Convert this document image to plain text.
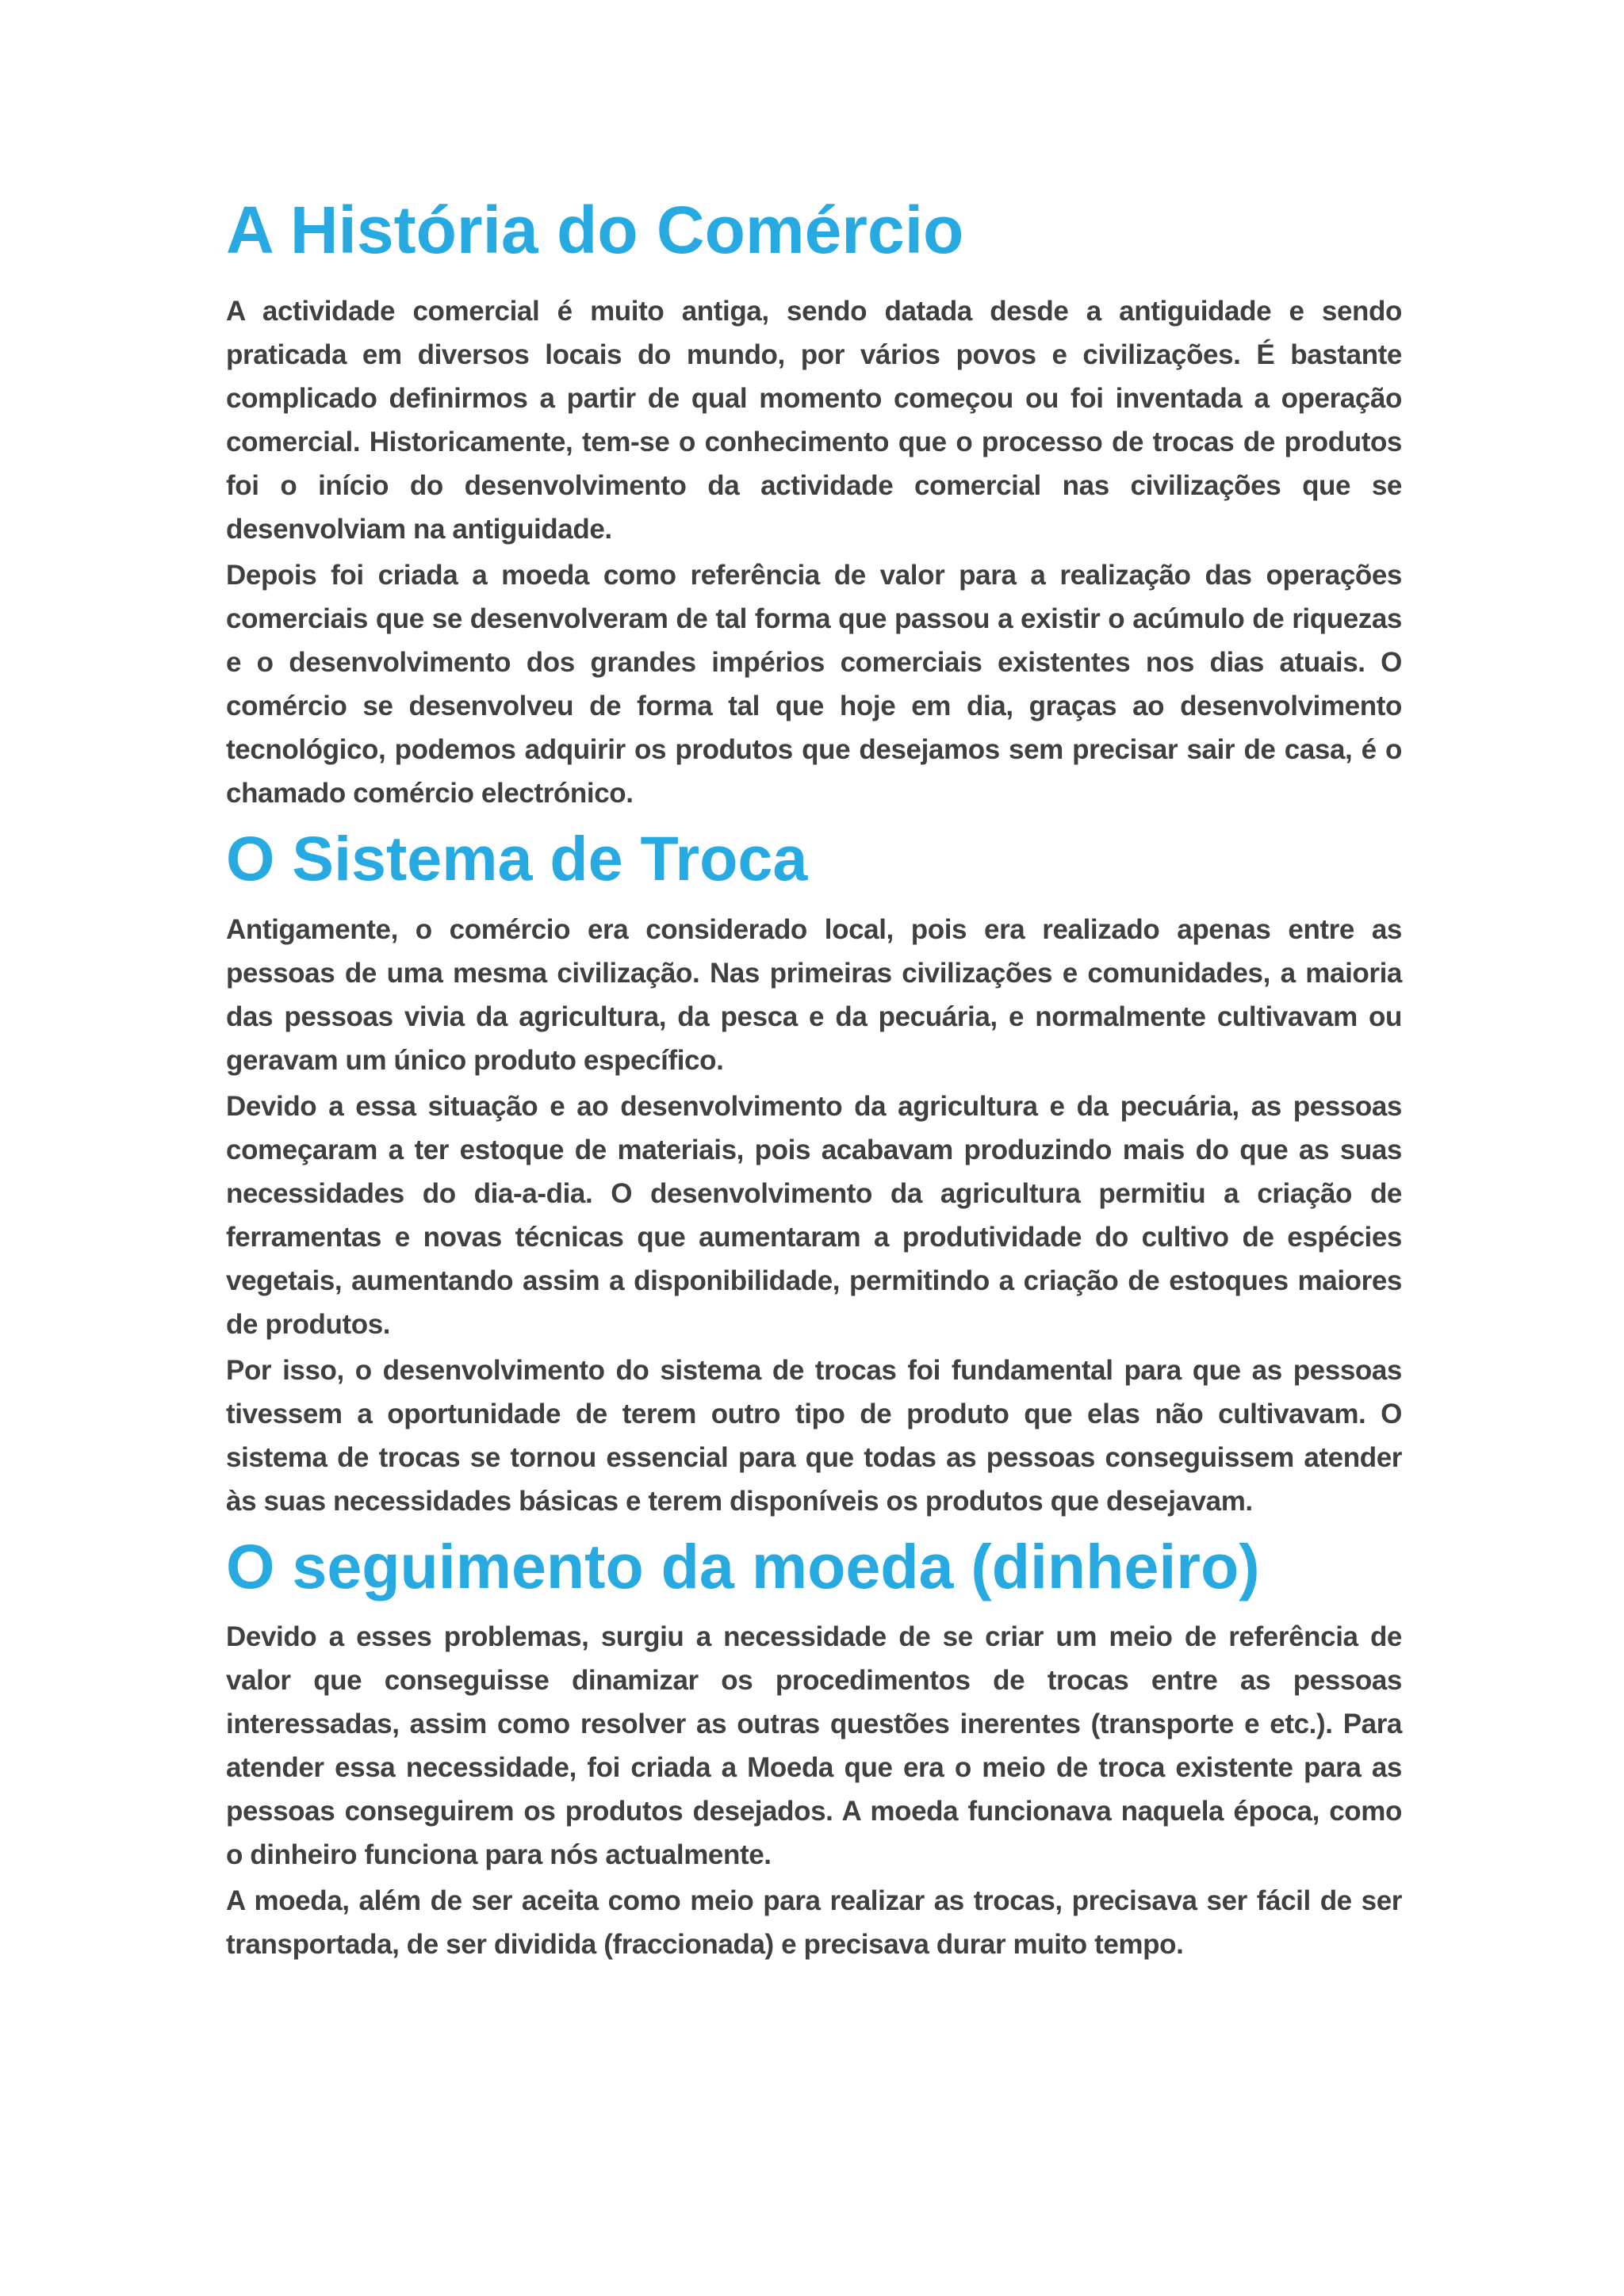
A História do Comércio

A actividade comercial é muito antiga, sendo datada desde a antiguidade e sendo praticada em diversos locais do mundo, por vários povos e civilizações. É bastante complicado definirmos a partir de qual momento começou ou foi inventada a operação comercial. Historicamente, tem-se o conhecimento que o processo de trocas de produtos foi o início do desenvolvimento da actividade comercial nas civilizações que se desenvolviam na antiguidade.

Depois foi criada a moeda como referência de valor para a realização das operações comerciais que se desenvolveram de tal forma que passou a existir o acúmulo de riquezas e o desenvolvimento dos grandes impérios comerciais existentes nos dias atuais. O comércio se desenvolveu de forma tal que hoje em dia, graças ao desenvolvimento tecnológico, podemos adquirir os produtos que desejamos sem precisar sair de casa, é o chamado comércio electrónico.

O Sistema de Troca

Antigamente, o comércio era considerado local, pois era realizado apenas entre as pessoas de uma mesma civilização. Nas primeiras civilizações e comunidades, a maioria das pessoas vivia da agricultura, da pesca e da pecuária, e normalmente cultivavam ou geravam um único produto específico.

Devido a essa situação e ao desenvolvimento da agricultura e da pecuária, as pessoas começaram a ter estoque de materiais, pois acabavam produzindo mais do que as suas necessidades do dia-a-dia. O desenvolvimento da agricultura permitiu a criação de ferramentas e novas técnicas que aumentaram a produtividade do cultivo de espécies vegetais, aumentando assim a disponibilidade, permitindo a criação de estoques maiores de produtos.

Por isso, o desenvolvimento do sistema de trocas foi fundamental para que as pessoas tivessem a oportunidade de terem outro tipo de produto que elas não cultivavam. O sistema de trocas se tornou essencial para que todas as pessoas conseguissem atender às suas necessidades básicas e terem disponíveis os produtos que desejavam.

O seguimento da moeda (dinheiro)

Devido a esses problemas, surgiu a necessidade de se criar um meio de referência de valor que conseguisse dinamizar os procedimentos de trocas entre as pessoas interessadas, assim como resolver as outras questões inerentes (transporte e etc.). Para atender essa necessidade, foi criada a Moeda que era o meio de troca existente para as pessoas conseguirem os produtos desejados. A moeda funcionava naquela época, como o dinheiro funciona para nós actualmente.

A moeda, além de ser aceita como meio para realizar as trocas, precisava ser fácil de ser transportada, de ser dividida (fraccionada) e precisava durar muito tempo.
